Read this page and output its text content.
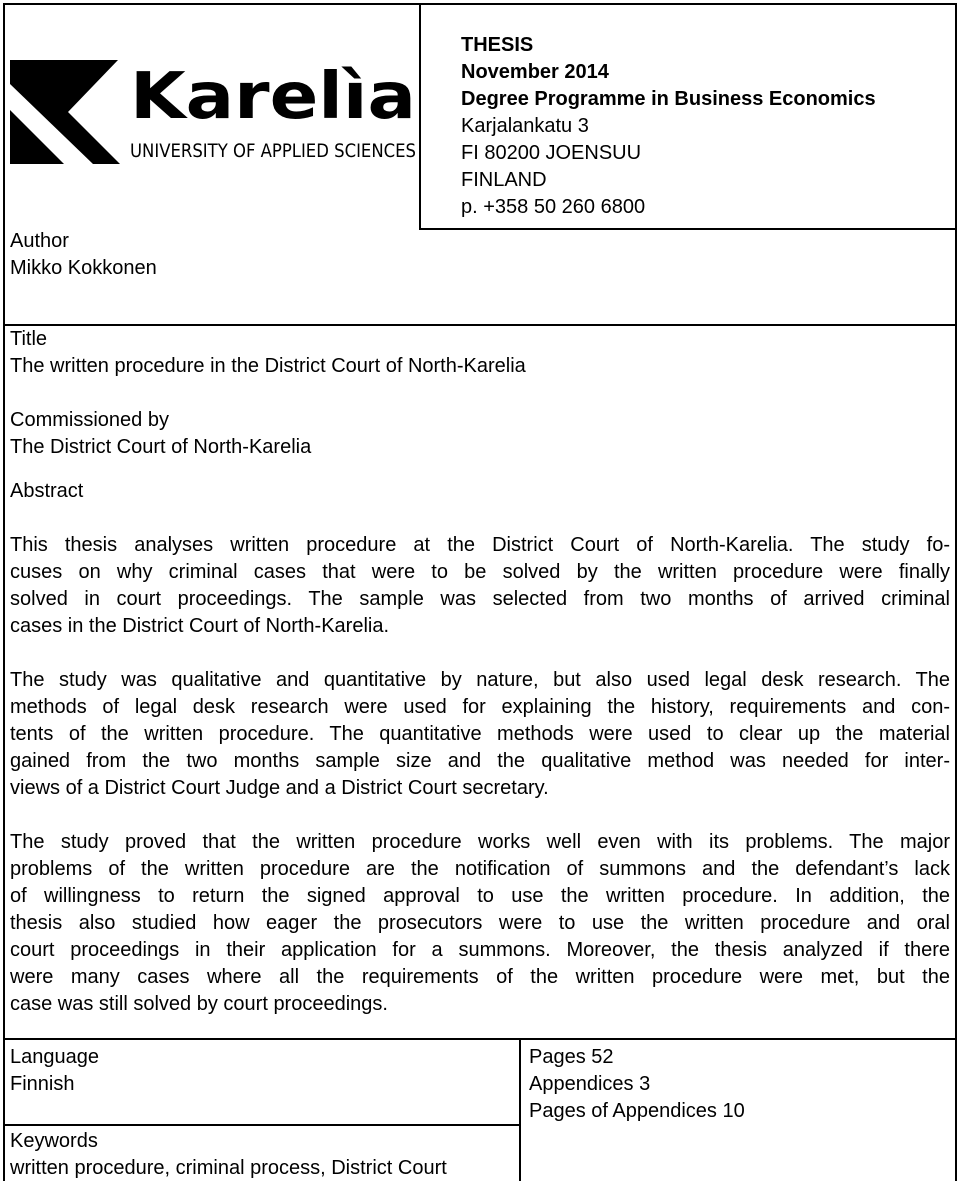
Karelìa
UNIVERSITY OF APPLIED SCIENCES
THESIS
November 2014
Degree Programme in Business Economics
Karjalankatu 3
FI 80200 JOENSUU
FINLAND
p. +358 50 260 6800
Author
Mikko Kokkonen
Title
The written procedure in the District Court of North-Karelia
Commissioned by
The District Court of North-Karelia
Abstract
This thesis analyses written procedure at the District Court of North-Karelia. The study fo-
cuses on why criminal cases that were to be solved by the written procedure were finally
solved in court proceedings. The sample was selected from two months of arrived criminal
cases in the District Court of North-Karelia.
The study was qualitative and quantitative by nature, but also used legal desk research. The
methods of legal desk research were used for explaining the history, requirements and con-
tents of the written procedure. The quantitative methods were used to clear up the material
gained from the two months sample size and the qualitative method was needed for inter-
views of a District Court Judge and a District Court secretary.
The study proved that the written procedure works well even with its problems. The major
problems of the written procedure are the notification of summons and the defendant’s lack
of willingness to return the signed approval to use the written procedure. In addition, the
thesis also studied how eager the prosecutors were to use the written procedure and oral
court proceedings in their application for a summons. Moreover, the thesis analyzed if there
were many cases where all the requirements of the written procedure were met, but the
case was still solved by court proceedings.
Language
Finnish
Pages 52
Appendices 3
Pages of Appendices 10
Keywords
written procedure, criminal process, District Court
